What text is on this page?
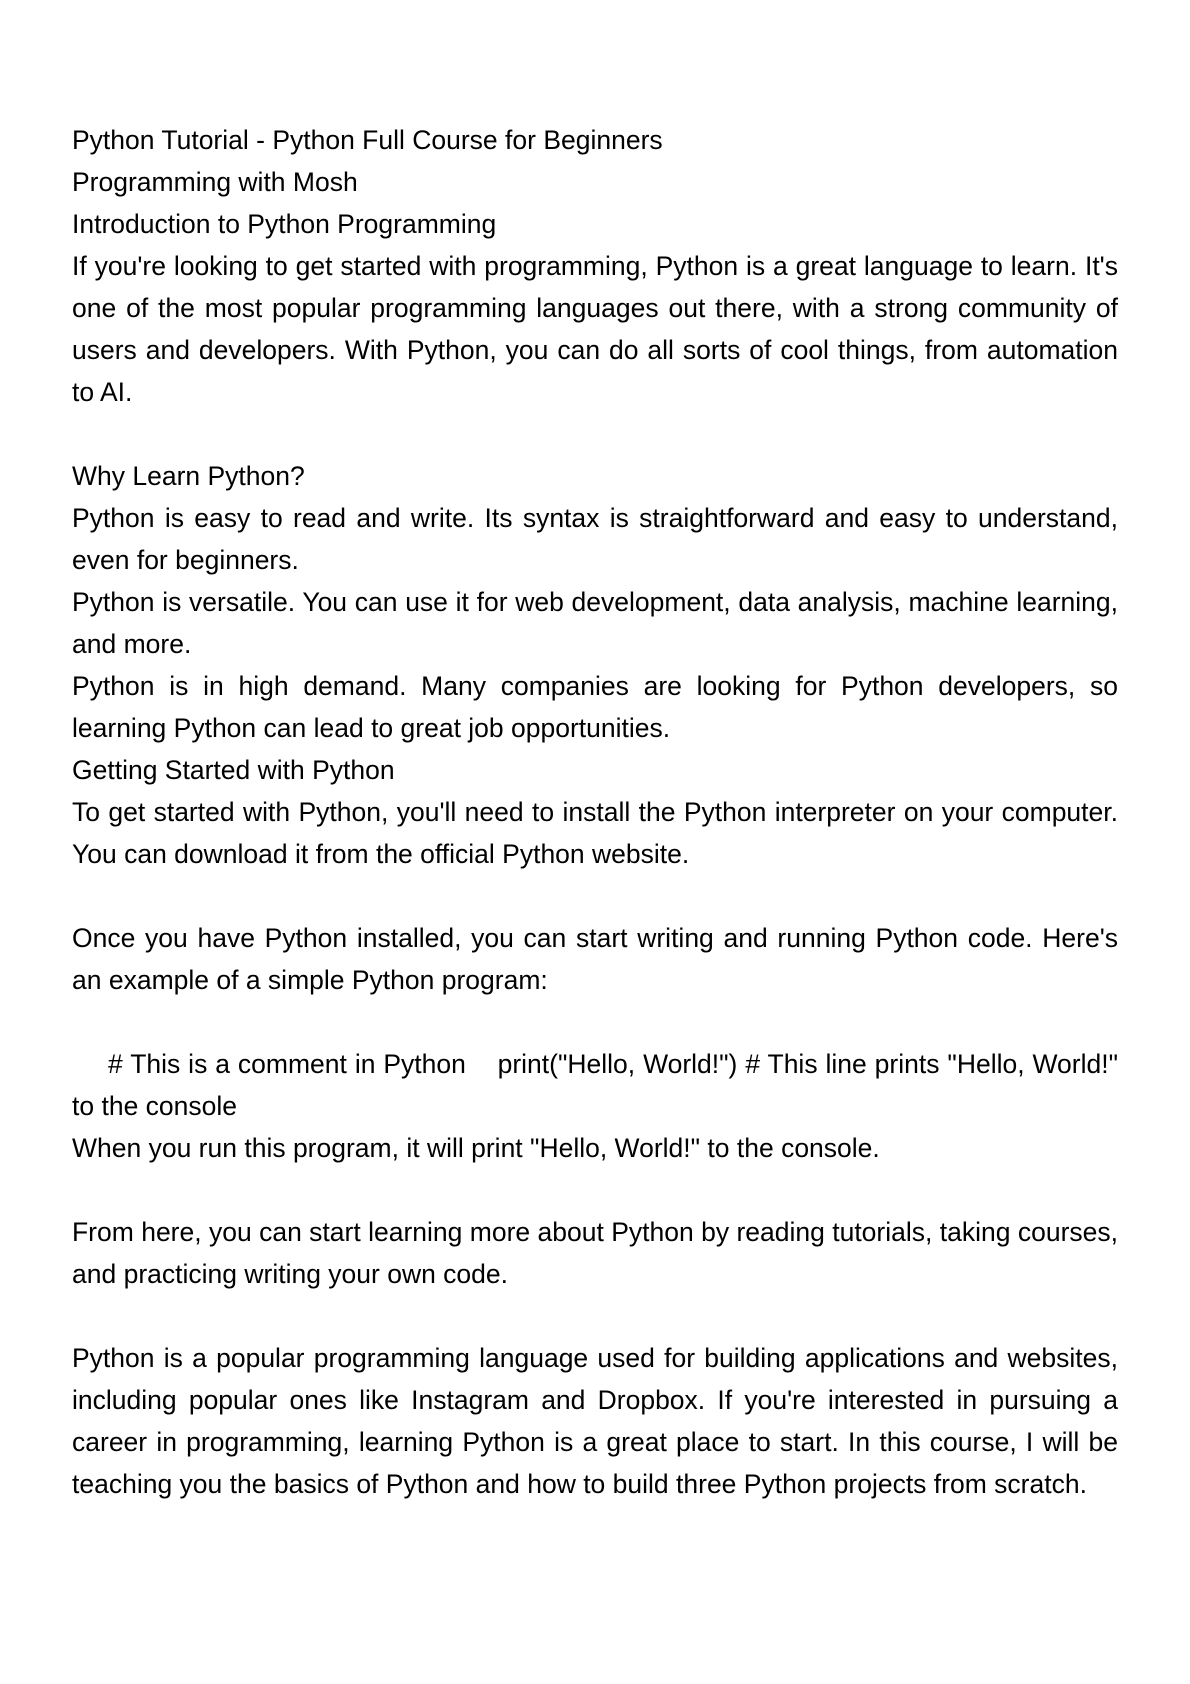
Python Tutorial - Python Full Course for Beginners

Programming with Mosh

Introduction to Python Programming

If you're looking to get started with programming, Python is a great language to learn. It's one of the most popular programming languages out there, with a strong community of users and developers. With Python, you can do all sorts of cool things, from automation to AI.

Why Learn Python?

Python is easy to read and write. Its syntax is straightforward and easy to understand, even for beginners.

Python is versatile. You can use it for web development, data analysis, machine learning, and more.

Python is in high demand. Many companies are looking for Python developers, so learning Python can lead to great job opportunities.

Getting Started with Python

To get started with Python, you'll need to install the Python interpreter on your computer. You can download it from the official Python website.

Once you have Python installed, you can start writing and running Python code. Here's an example of a simple Python program:

# This is a comment in Python    print("Hello, World!") # This line prints "Hello, World!" to the console

When you run this program, it will print "Hello, World!" to the console.

From here, you can start learning more about Python by reading tutorials, taking courses, and practicing writing your own code.

Python is a popular programming language used for building applications and websites, including popular ones like Instagram and Dropbox. If you're interested in pursuing a career in programming, learning Python is a great place to start. In this course, I will be teaching you the basics of Python and how to build three Python projects from scratch.
